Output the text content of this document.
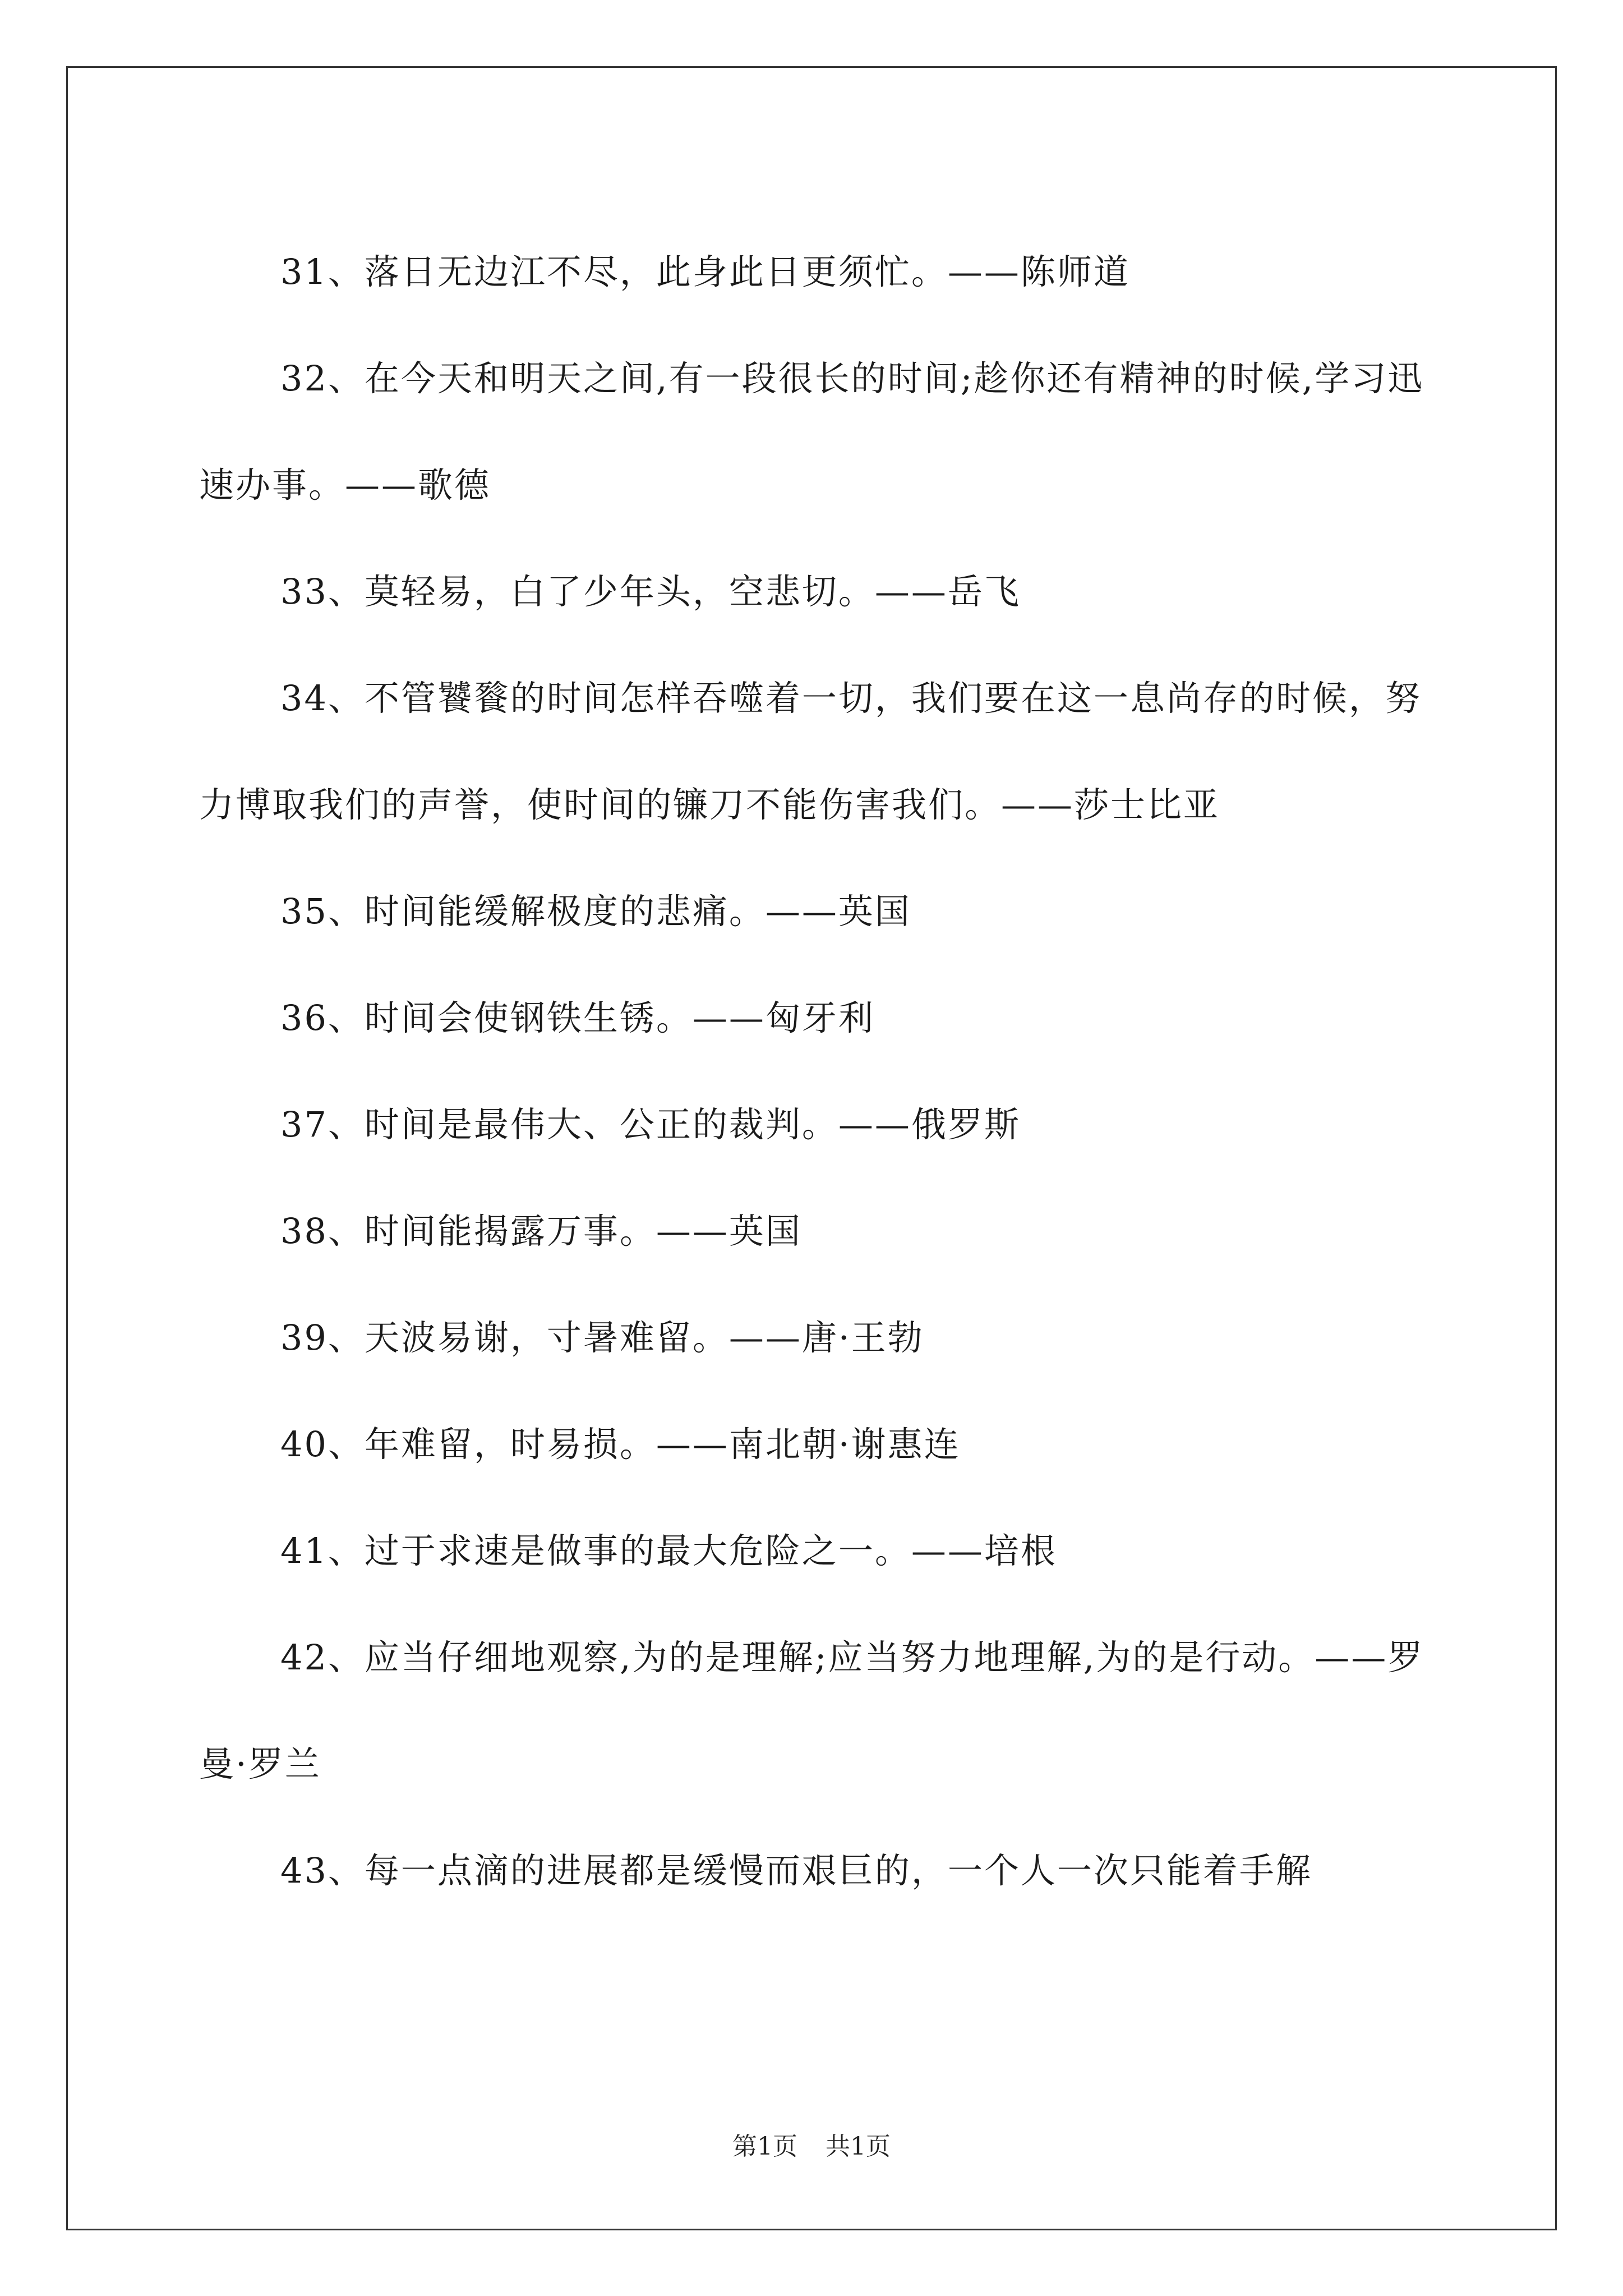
31、落日无边江不尽，此身此日更须忙。——陈师道

32、在今天和明天之间,有一段很长的时间;趁你还有精神的时候,学习迅速办事。——歌德

33、莫轻易，白了少年头，空悲切。——岳飞

34、不管饕餮的时间怎样吞噬着一切，我们要在这一息尚存的时候，努力博取我们的声誉，使时间的镰刀不能伤害我们。——莎士比亚

35、时间能缓解极度的悲痛。——英国

36、时间会使钢铁生锈。——匈牙利

37、时间是最伟大、公正的裁判。——俄罗斯

38、时间能揭露万事。——英国

39、天波易谢，寸暑难留。——唐·王勃

40、年难留，时易损。——南北朝·谢惠连

41、过于求速是做事的最大危险之一。——培根

42、应当仔细地观察,为的是理解;应当努力地理解,为的是行动。——罗曼·罗兰

43、每一点滴的进展都是缓慢而艰巨的，一个人一次只能着手解

第1页 共1页
